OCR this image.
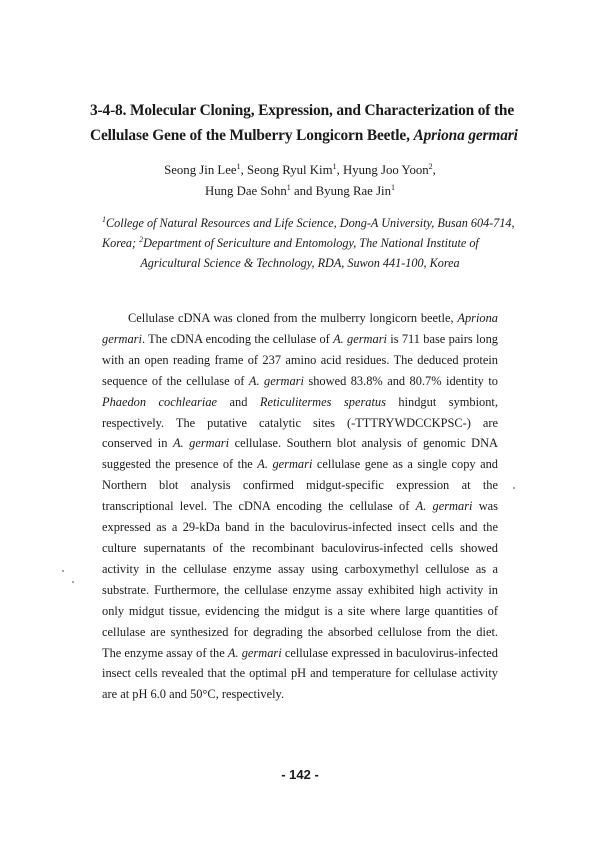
3-4-8. Molecular Cloning, Expression, and Characterization of the
Cellulase Gene of the Mulberry Longicorn Beetle, Apriona germari
Seong Jin Lee$^1$, Seong Ryul Kim$^1$, Hyung Joo Yoon$^2$,
Hung Dae Sohn$^1$ and Byung Rae Jin$^1$
$^1$College of Natural Resources and Life Science, Dong-A University, Busan 604-714,
Korea; $^2$Department of Sericulture and Entomology, The National Institute of
Agricultural Science & Technology, RDA, Suwon 441-100, Korea

Cellulase cDNA was cloned from the mulberry longicorn beetle, Apriona germari. The cDNA encoding the cellulase of A. germari is 711 base pairs long with an open reading frame of 237 amino acid residues. The deduced protein sequence of the cellulase of A. germari showed 83.8% and 80.7% identity to Phaedon cochleariae and Reticulitermes speratus hindgut symbiont, respectively. The putative catalytic sites (-TTTRYWDCCKPSC-) are conserved in A. germari cellulase. Southern blot analysis of genomic DNA suggested the presence of the A. germari cellulase gene as a single copy and Northern blot analysis confirmed midgut-specific expression at the transcriptional level. The cDNA encoding the cellulase of A. germari was expressed as a 29-kDa band in the baculovirus-infected insect cells and the culture supernatants of the recombinant baculovirus-infected cells showed activity in the cellulase enzyme assay using carboxymethyl cellulose as a substrate. Furthermore, the cellulase enzyme assay exhibited high activity in only midgut tissue, evidencing the midgut is a site where large quantities of cellulase are synthesized for degrading the absorbed cellulose from the diet. The enzyme assay of the A. germari cellulase expressed in baculovirus-infected insect cells revealed that the optimal pH and temperature for cellulase activity are at pH 6.0 and 50°C, respectively.

- 142 -
